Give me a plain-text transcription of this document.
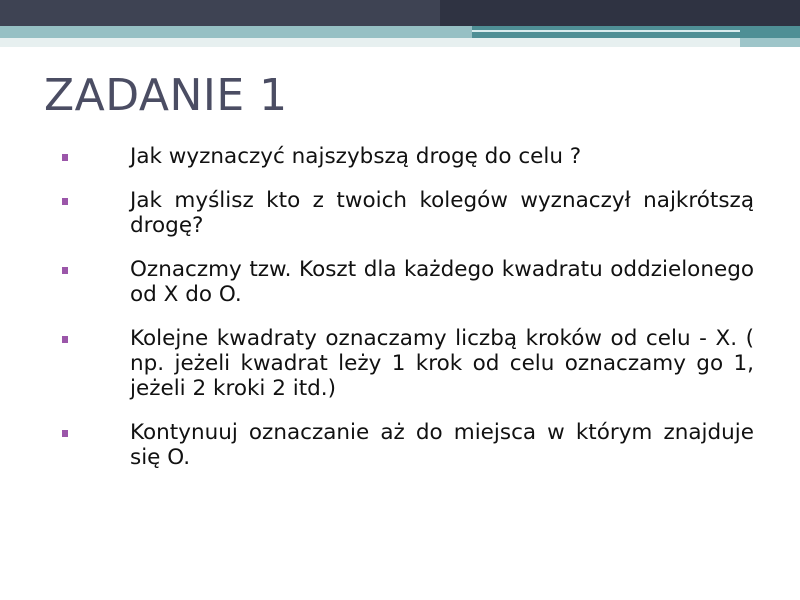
ZADANIE 1
Jak wyznaczyć najszybszą drogę do celu ?
Jak myślisz kto z twoich kolegów wyznaczył najkrótszą drogę?
Oznaczmy tzw. Koszt dla każdego kwadratu oddzielonego od X do O.
Kolejne kwadraty oznaczamy liczbą kroków od celu - X. ( np. jeżeli kwadrat leży 1 krok od celu oznaczamy go 1, jeżeli 2 kroki 2 itd.)
Kontynuuj oznaczanie aż do miejsca w którym znajduje się O.
